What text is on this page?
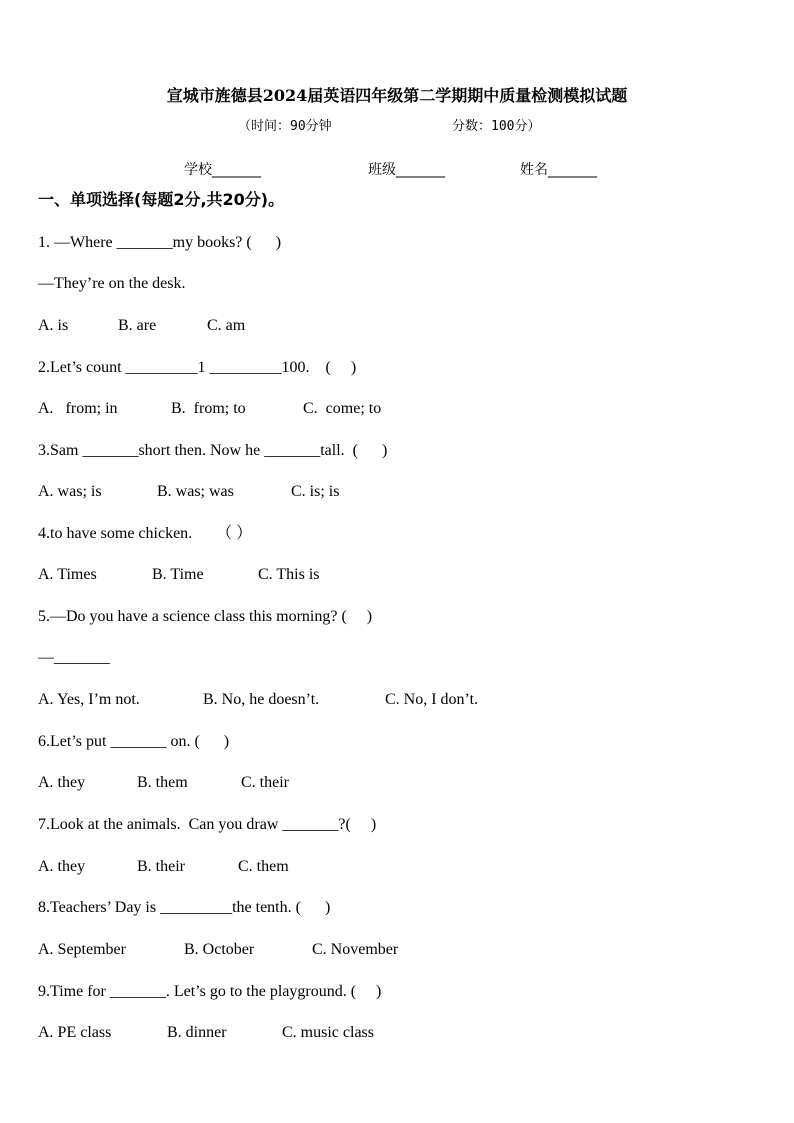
宣城市旌德县2024届英语四年级第二学期期中质量检测模拟试题
（时间：90分钟	分数：100分）
学校_______	班级_______	姓名_______
一、单项选择(每题2分,共20分)。
1. —Where _______my books? (      )
—They’re on the desk.
A. is	B. are	C. am
2.Let’s count _________1 _________100.    (     )
A.   from; in	B.  from; to	C.  come; to
3.Sam _______short then. Now he _______tall.  (      )
A. was; is	B. was; was	C. is; is
4.to have some chicken.      （ ）
A. Times	B. Time	C. This is
5.—Do you have a science class this morning? (     )
—_______
A. Yes, I’m not.	B. No, he doesn’t.	C. No, I don’t.
6.Let’s put _______ on. (      )
A. they	B. them	C. their
7.Look at the animals.  Can you draw _______?(     )
A. they	B. their	C. them
8.Teachers’ Day is _________the tenth. (      )
A. September	B. October	C. November
9.Time for _______. Let’s go to the playground. (     )
A. PE class	B. dinner	C. music class
